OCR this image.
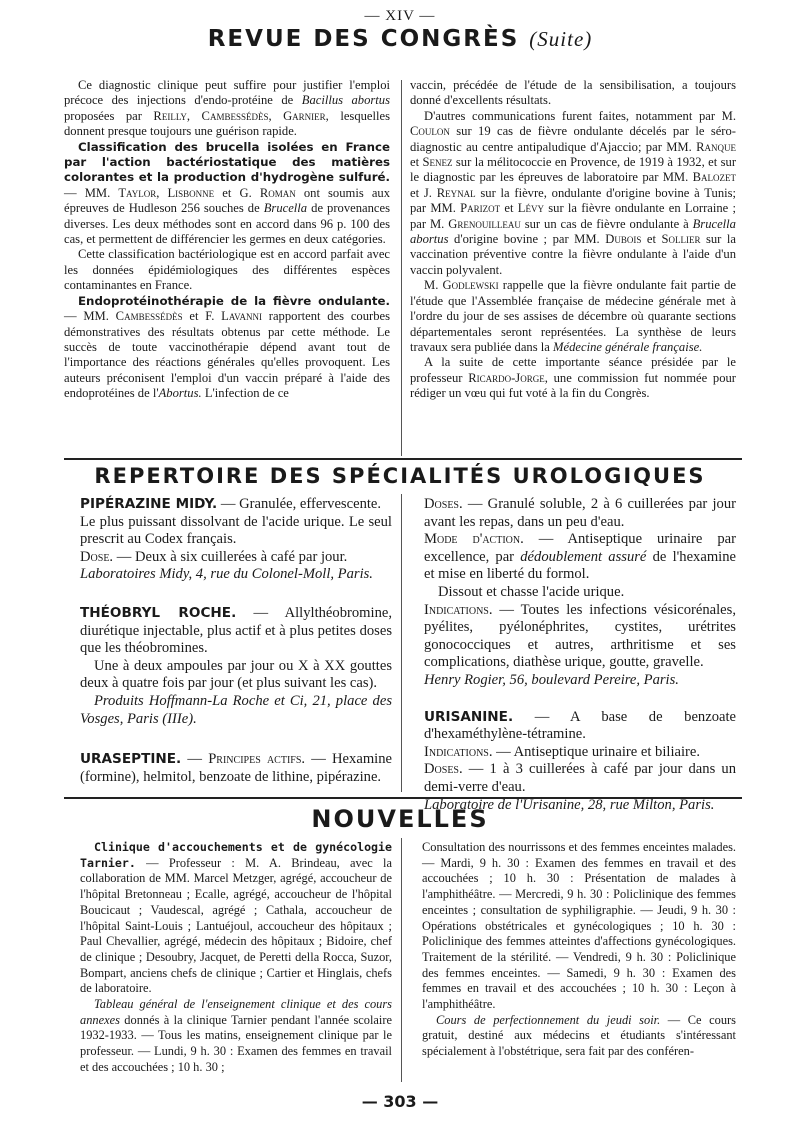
— XIV —
REVUE DES CONGRÈS (Suite)

Ce diagnostic clinique peut suffire pour justifier l'emploi précoce des injections d'endo-protéine de Bacillus abortus proposées par Reilly, Cambessédès, Garnier, lesquelles donnent presque toujours une guérison rapide.

Classification des brucella isolées en France par l'action bactériostatique des matières colorantes et la production d'hydrogène sulfuré. — MM. Taylor, Lisbonne et G. Roman ont soumis aux épreuves de Hudleson 256 souches de Brucella de provenances diverses. Les deux méthodes sont en accord dans 96 p. 100 des cas, et permettent de différencier les germes en deux catégories.

Cette classification bactériologique est en accord parfait avec les données épidémiologiques des différentes espèces contaminantes en France.

Endoprotéinothérapie de la fièvre ondulante. — MM. Cambessédès et F. Lavanni rapportent des courbes démonstratives des résultats obtenus par cette méthode. Le succès de toute vaccinothérapie dépend avant tout de l'importance des réactions générales qu'elles provoquent. Les auteurs préconisent l'emploi d'un vaccin préparé à l'aide des endoprotéines de l'Abortus. L'infection de ce

vaccin, précédée de l'étude de la sensibilisation, a toujours donné d'excellents résultats.

D'autres communications furent faites, notamment par M. Coulon sur 19 cas de fièvre ondulante décelés par le séro-diagnostic au centre antipaludique d'Ajaccio; par MM. Ranque et Senez sur la mélitococcie en Provence, de 1919 à 1932, et sur le diagnostic par les épreuves de laboratoire par MM. Balozet et J. Reynal sur la fièvre, ondulante d'origine bovine à Tunis; par MM. Parizot et Lévy sur la fièvre ondulante en Lorraine ; par M. Grenouilleau sur un cas de fièvre ondulante à Brucella abortus d'origine bovine ; par MM. Dubois et Sollier sur la vaccination préventive contre la fièvre ondulante à l'aide d'un vaccin polyvalent.

M. Godlewski rappelle que la fièvre ondulante fait partie de l'étude que l'Assemblée française de médecine générale met à l'ordre du jour de ses assises de décembre où quarante sections départementales seront représentées. La synthèse de leurs travaux sera publiée dans la Médecine générale française.

A la suite de cette importante séance présidée par le professeur Ricardo-Jorge, une commission fut nommée pour rédiger un vœu qui fut voté à la fin du Congrès.

REPERTOIRE DES SPÉCIALITÉS UROLOGIQUES

PIPÉRAZINE MIDY. — Granulée, effervescente.

Le plus puissant dissolvant de l'acide urique. Le seul prescrit au Codex français.

Dose. — Deux à six cuillerées à café par jour.

Laboratoires Midy, 4, rue du Colonel-Moll, Paris.

THÉOBRYL ROCHE. — Allylthéobromine, diurétique injectable, plus actif et à plus petites doses que les théobromines.

Une à deux ampoules par jour ou X à XX gouttes deux à quatre fois par jour (et plus suivant les cas).

Produits Hoffmann-La Roche et Ci, 21, place des Vosges, Paris (IIIe).

URASEPTINE. — Principes actifs. — Hexamine (formine), helmitol, benzoate de lithine, pipérazine.

Doses. — Granulé soluble, 2 à 6 cuillerées par jour avant les repas, dans un peu d'eau.

Mode d'action. — Antiseptique urinaire par excellence, par dédoublement assuré de l'hexamine et mise en liberté du formol.

Dissout et chasse l'acide urique.

Indications. — Toutes les infections vésicorénales, pyélites, pyélonéphrites, cystites, urétrites gonococciques et autres, arthritisme et ses complications, diathèse urique, goutte, gravelle.

Henry Rogier, 56, boulevard Pereire, Paris.

URISANINE. — A base de benzoate d'hexaméthylène-tétramine.

Indications. — Antiseptique urinaire et biliaire.

Doses. — 1 à 3 cuillerées à café par jour dans un demi-verre d'eau.

Laboratoire de l'Urisanine, 28, rue Milton, Paris.

NOUVELLES

Clinique d'accouchements et de gynécologie Tarnier. — Professeur : M. A. Brindeau, avec la collaboration de MM. Marcel Metzger, agrégé, accoucheur de l'hôpital Bretonneau ; Ecalle, agrégé, accoucheur de l'hôpital Boucicaut ; Vaudescal, agrégé ; Cathala, accoucheur de l'hôpital Saint-Louis ; Lantuéjoul, accoucheur des hôpitaux ; Paul Chevallier, agrégé, médecin des hôpitaux ; Bidoire, chef de clinique ; Desoubry, Jacquet, de Peretti della Rocca, Suzor, Bompart, anciens chefs de clinique ; Cartier et Hinglais, chefs de laboratoire.

Tableau général de l'enseignement clinique et des cours annexes donnés à la clinique Tarnier pendant l'année scolaire 1932-1933. — Tous les matins, enseignement clinique par le professeur. — Lundi, 9 h. 30 : Examen des femmes en travail et des accouchées ; 10 h. 30 ;

Consultation des nourrissons et des femmes enceintes malades. — Mardi, 9 h. 30 : Examen des femmes en travail et des accouchées ; 10 h. 30 : Présentation de malades à l'amphithéâtre. — Mercredi, 9 h. 30 : Policlinique des femmes enceintes ; consultation de syphiligraphie. — Jeudi, 9 h. 30 : Opérations obstétricales et gynécologiques ; 10 h. 30 : Policlinique des femmes atteintes d'affections gynécologiques. Traitement de la stérilité. — Vendredi, 9 h. 30 : Policlinique des femmes enceintes. — Samedi, 9 h. 30 : Examen des femmes en travail et des accouchées ; 10 h. 30 : Leçon à l'amphithéâtre.

Cours de perfectionnement du jeudi soir. — Ce cours gratuit, destiné aux médecins et étudiants s'intéressant spécialement à l'obstétrique, sera fait par des conféren-

— 303 —
